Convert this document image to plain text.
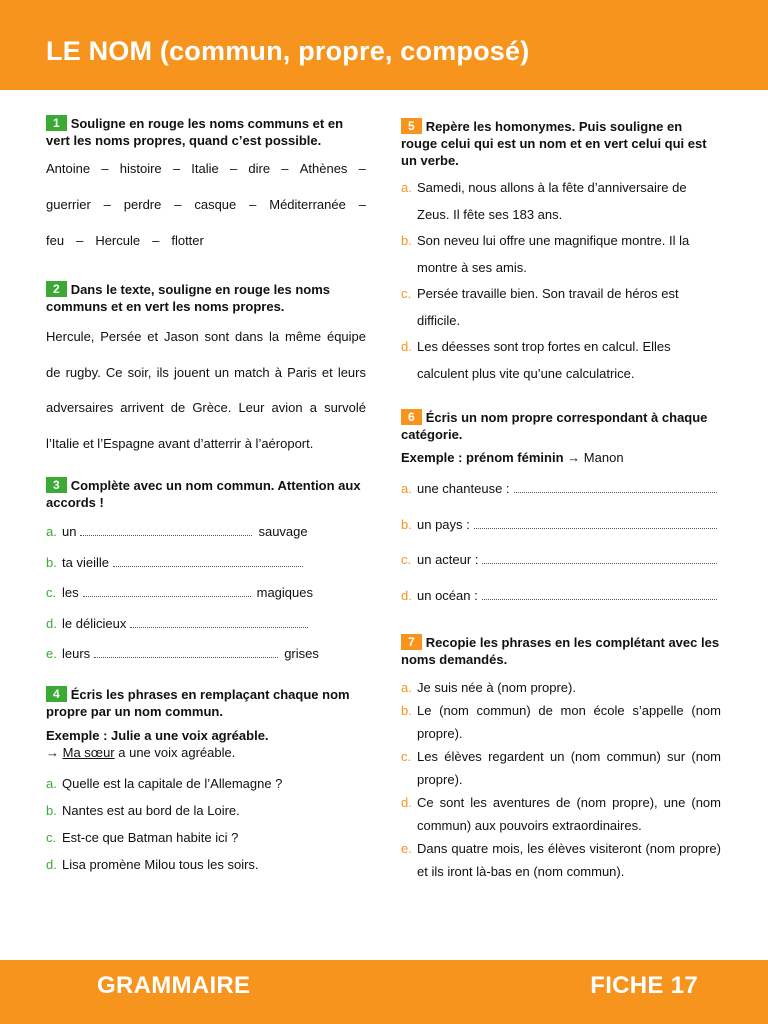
LE NOM (commun, propre, composé)
1 Souligne en rouge les noms communs et en vert les noms propres, quand c’est possible.
Antoine – histoire – Italie – dire – Athènes –
guerrier – perdre – casque – Méditerranée –
feu – Hercule – flotter
2 Dans le texte, souligne en rouge les noms communs et en vert les noms propres.
Hercule, Persée et Jason sont dans la même équipe de rugby. Ce soir, ils jouent un match à Paris et leurs adversaires arrivent de Grèce. Leur avion a survolé l’Italie et l’Espagne avant d’atterrir à l’aéroport.
3 Complète avec un nom commun. Attention aux accords !
a. un	sauvage
b. ta vieille
c. les	magiques
d. le délicieux
e. leurs	grises
4 Écris les phrases en remplaçant chaque nom propre par un nom commun.
Exemple : Julie a une voix agréable.
→ Ma sœur a une voix agréable.
a. Quelle est la capitale de l’Allemagne ?
b. Nantes est au bord de la Loire.
c. Est-ce que Batman habite ici ?
d. Lisa promène Milou tous les soirs.
5 Repère les homonymes. Puis souligne en rouge celui qui est un nom et en vert celui qui est un verbe.
a. Samedi, nous allons à la fête d’anniversaire de Zeus. Il fête ses 183 ans.
b. Son neveu lui offre une magnifique montre. Il la montre à ses amis.
c. Persée travaille bien. Son travail de héros est difficile.
d. Les déesses sont trop fortes en calcul. Elles calculent plus vite qu’une calculatrice.
6 Écris un nom propre correspondant à chaque catégorie.
Exemple : prénom féminin → Manon
a. une chanteuse :
b. un pays :
c. un acteur :
d. un océan :
7 Recopie les phrases en les complétant avec les noms demandés.
a. Je suis née à (nom propre).
b. Le (nom commun) de mon école s’appelle (nom propre).
c. Les élèves regardent un (nom commun) sur (nom propre).
d. Ce sont les aventures de (nom propre), une (nom commun) aux pouvoirs extraordinaires.
e. Dans quatre mois, les élèves visiteront (nom propre) et ils iront là-bas en (nom commun).
GRAMMAIRE	FICHE 17
